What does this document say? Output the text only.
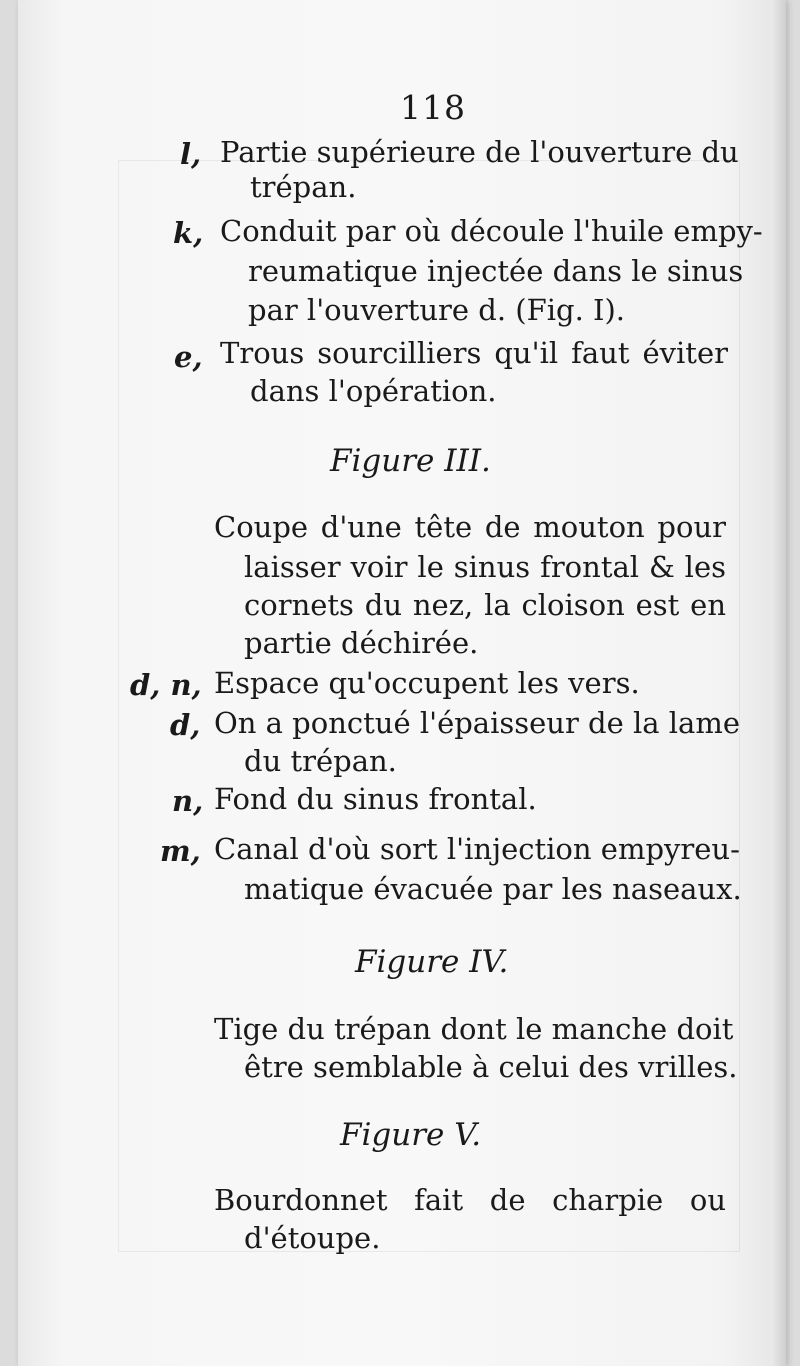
118
l, Partie supérieure de l'ouverture du
trépan.
k, Conduit par où découle l'huile empy-
reumatique injectée dans le sinus
par l'ouverture d. (Fig. I).
e, Trous sourcilliers qu'il faut éviter
dans l'opération.
Figure III.
Coupe d'une tête de mouton pour
laisser voir le sinus frontal & les
cornets du nez, la cloison est en
partie déchirée.
d, n, Espace qu'occupent les vers.
d, On a ponctué l'épaisseur de la lame
du trépan.
n, Fond du sinus frontal.
m, Canal d'où sort l'injection empyreu-
matique évacuée par les naseaux.
Figure IV.
Tige du trépan dont le manche doit
être semblable à celui des vrilles.
Figure V.
Bourdonnet fait de charpie ou
d'étoupe.
